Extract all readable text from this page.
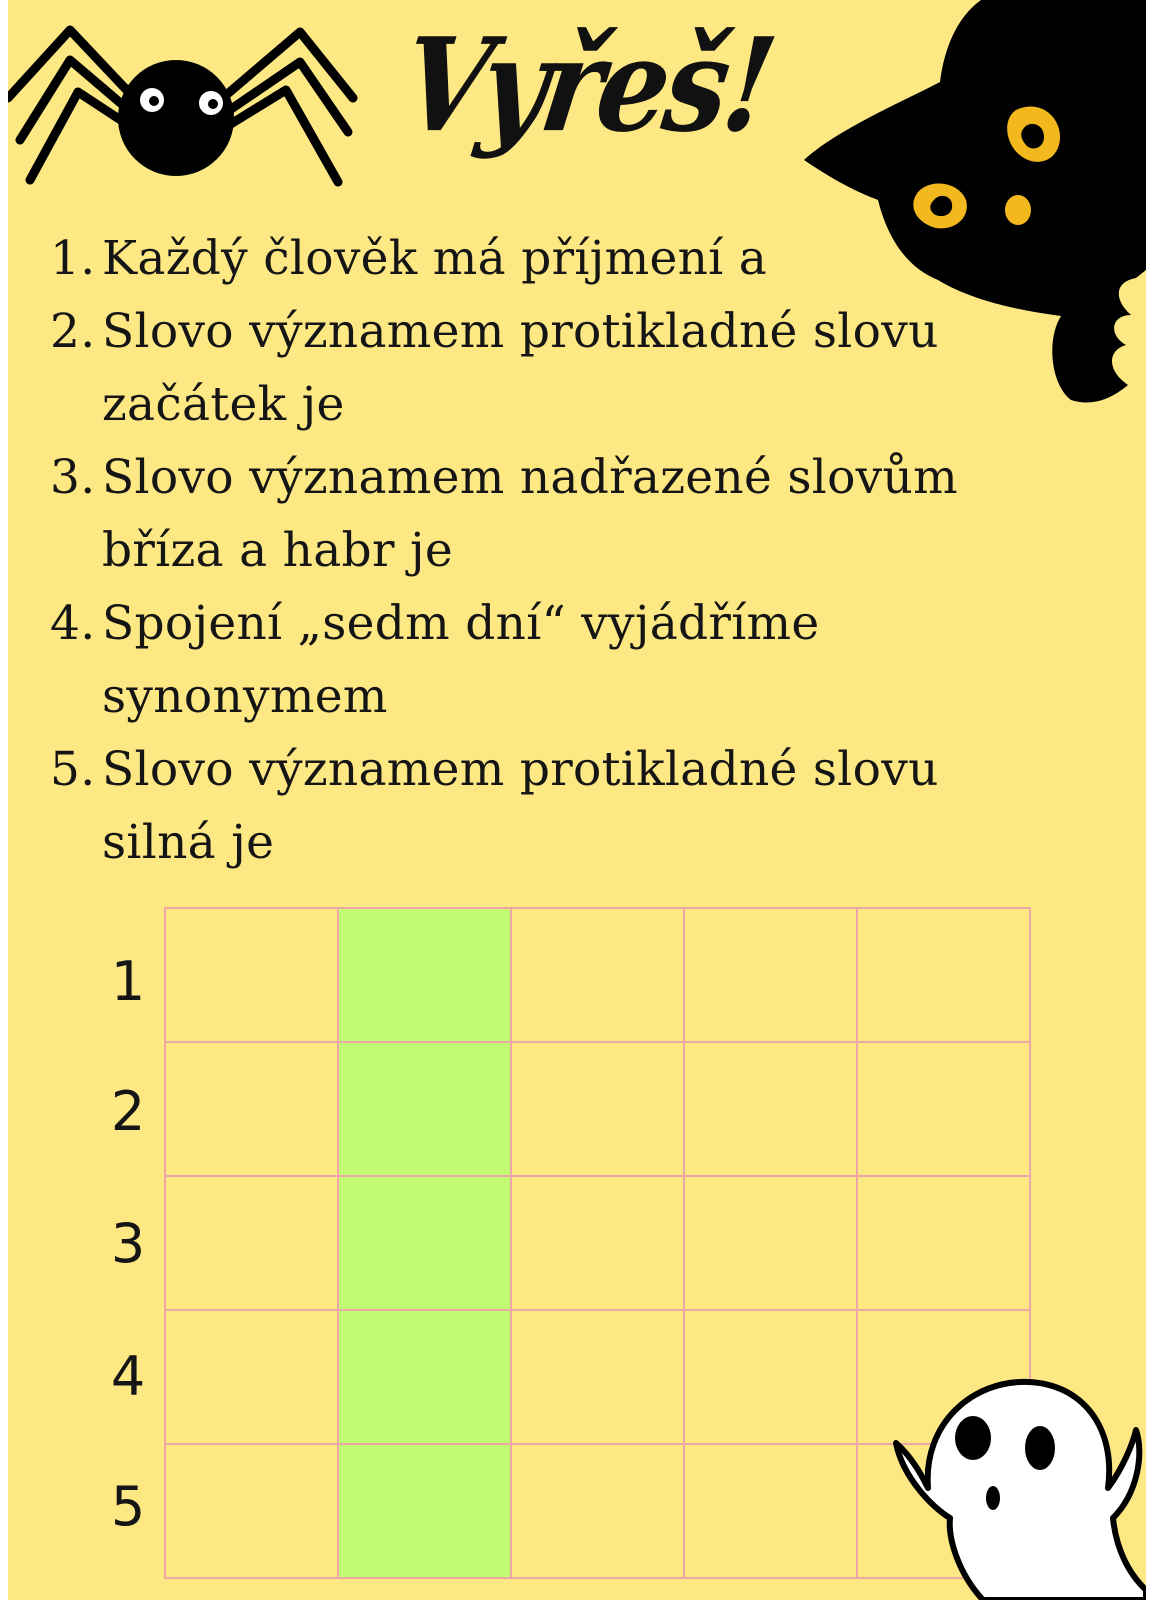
Vyřeš!
1. Každý člověk má příjmení a
2. Slovo významem protikladné slovu začátek je
3. Slovo významem nadřazené slovům bříza a habr je
4. Spojení „sedm dní“ vyjádříme synonymem
5. Slovo významem protikladné slovu silná je
1
2
3
4
5
